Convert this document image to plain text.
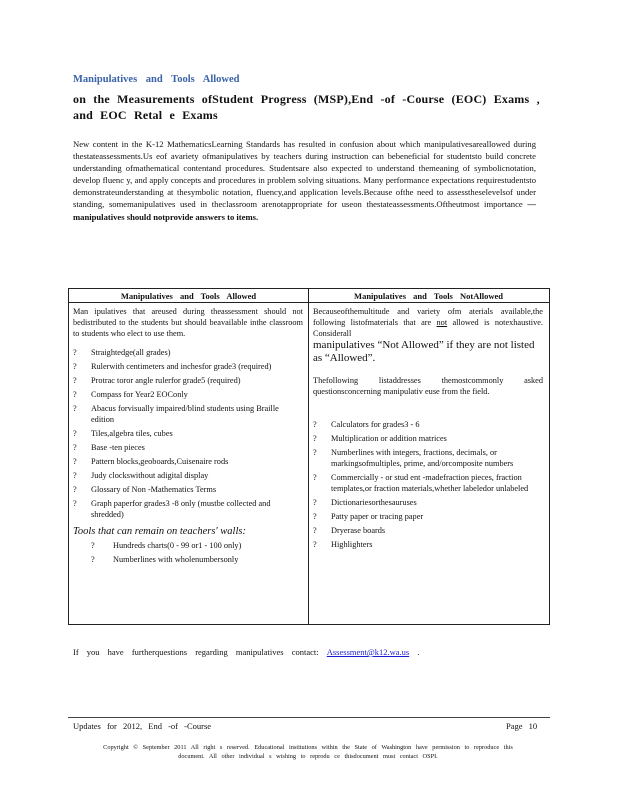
Manipulatives and Tools Allowed
on the Measurements ofStudent Progress (MSP),End -of -Course (EOC) Exams ,
and EOC Retal e Exams
New content in the K-12 MathematicsLearning Standards has resulted in confusion about which manipulativesareallowed during thestateassessments.Us eof avariety ofmanipulatives by teachers during instruction can bebeneficial for studentsto build concrete understanding ofmathematical contentand procedures. Studentsare also expected to understand themeaning of symbolicnotation, develop fluenc y, and apply concepts and procedures in problem solving situations. Many performance expectations requirestudentsto demonstrateunderstanding at thesymbolic notation, fluency,and application levels.Because ofthe need to assesstheselevelsof under standing, somemanipulatives used in theclassroom arenotappropriate for useon thestateassessments.Oftheutmost importance —manipulatives should notprovide answers to items.
Manipulatives and Tools Allowed	Manipulatives and Tools NotAllowed
Man ipulatives that areused during theassessment should not bedistributed to the students but should beavailable inthe classroom to students who elect to use them.
? Straightedge(all grades)
? Rulerwith centimeters and inchesfor grade3 (required)
? Protrac toror angle rulerfor grade5 (required)
? Compass for Year2 EOConly
? Abacus forvisually impaired/blind students using Braille edition
? Tiles,algebra tiles, cubes
? Base -ten pieces
? Pattern blocks,geoboards,Cuisenaire rods
? Judy clockswithout adigital display
? Glossary of Non -Mathematics Terms
? Graph paperfor grades3 -8 only (mustbe collected and shredded)
Tools that can remain on teachers' walls:
? Hundreds charts(0 - 99 or1 - 100 only)
? Numberlines with wholenumbersonly
Becauseofthemultitude and variety ofm aterials available,the following listofmaterials that are not allowed is notexhaustive. Considerall
manipulatives “Not Allowed” if they are not listed as “Allowed”.
Thefollowing listaddresses themostcommonly asked questionsconcerning manipulativ euse from the field.
? Calculators for grades3 - 6
? Multiplication or addition matrices
? Numberlines with integers, fractions, decimals, or markingsofmultiples, prime, and/orcomposite numbers
? Commercially - or stud ent -madefraction pieces, fraction templates,or fraction materials,whether labeledor unlabeled
? Dictionariesorthesauruses
? Patty paper or tracing paper
? Dryerase boards
? Highlighters
If you have furtherquestions regarding manipulatives contact: Assessment@k12.wa.us .
Updates for 2012, End -of -Course	Page 10
Copyright © September 2011 All right s reserved. Educational institutions within the State of Washington have permission to reproduce this
document. All other individual s wishing to reprodu ce thisdocument must contact OSPI.
